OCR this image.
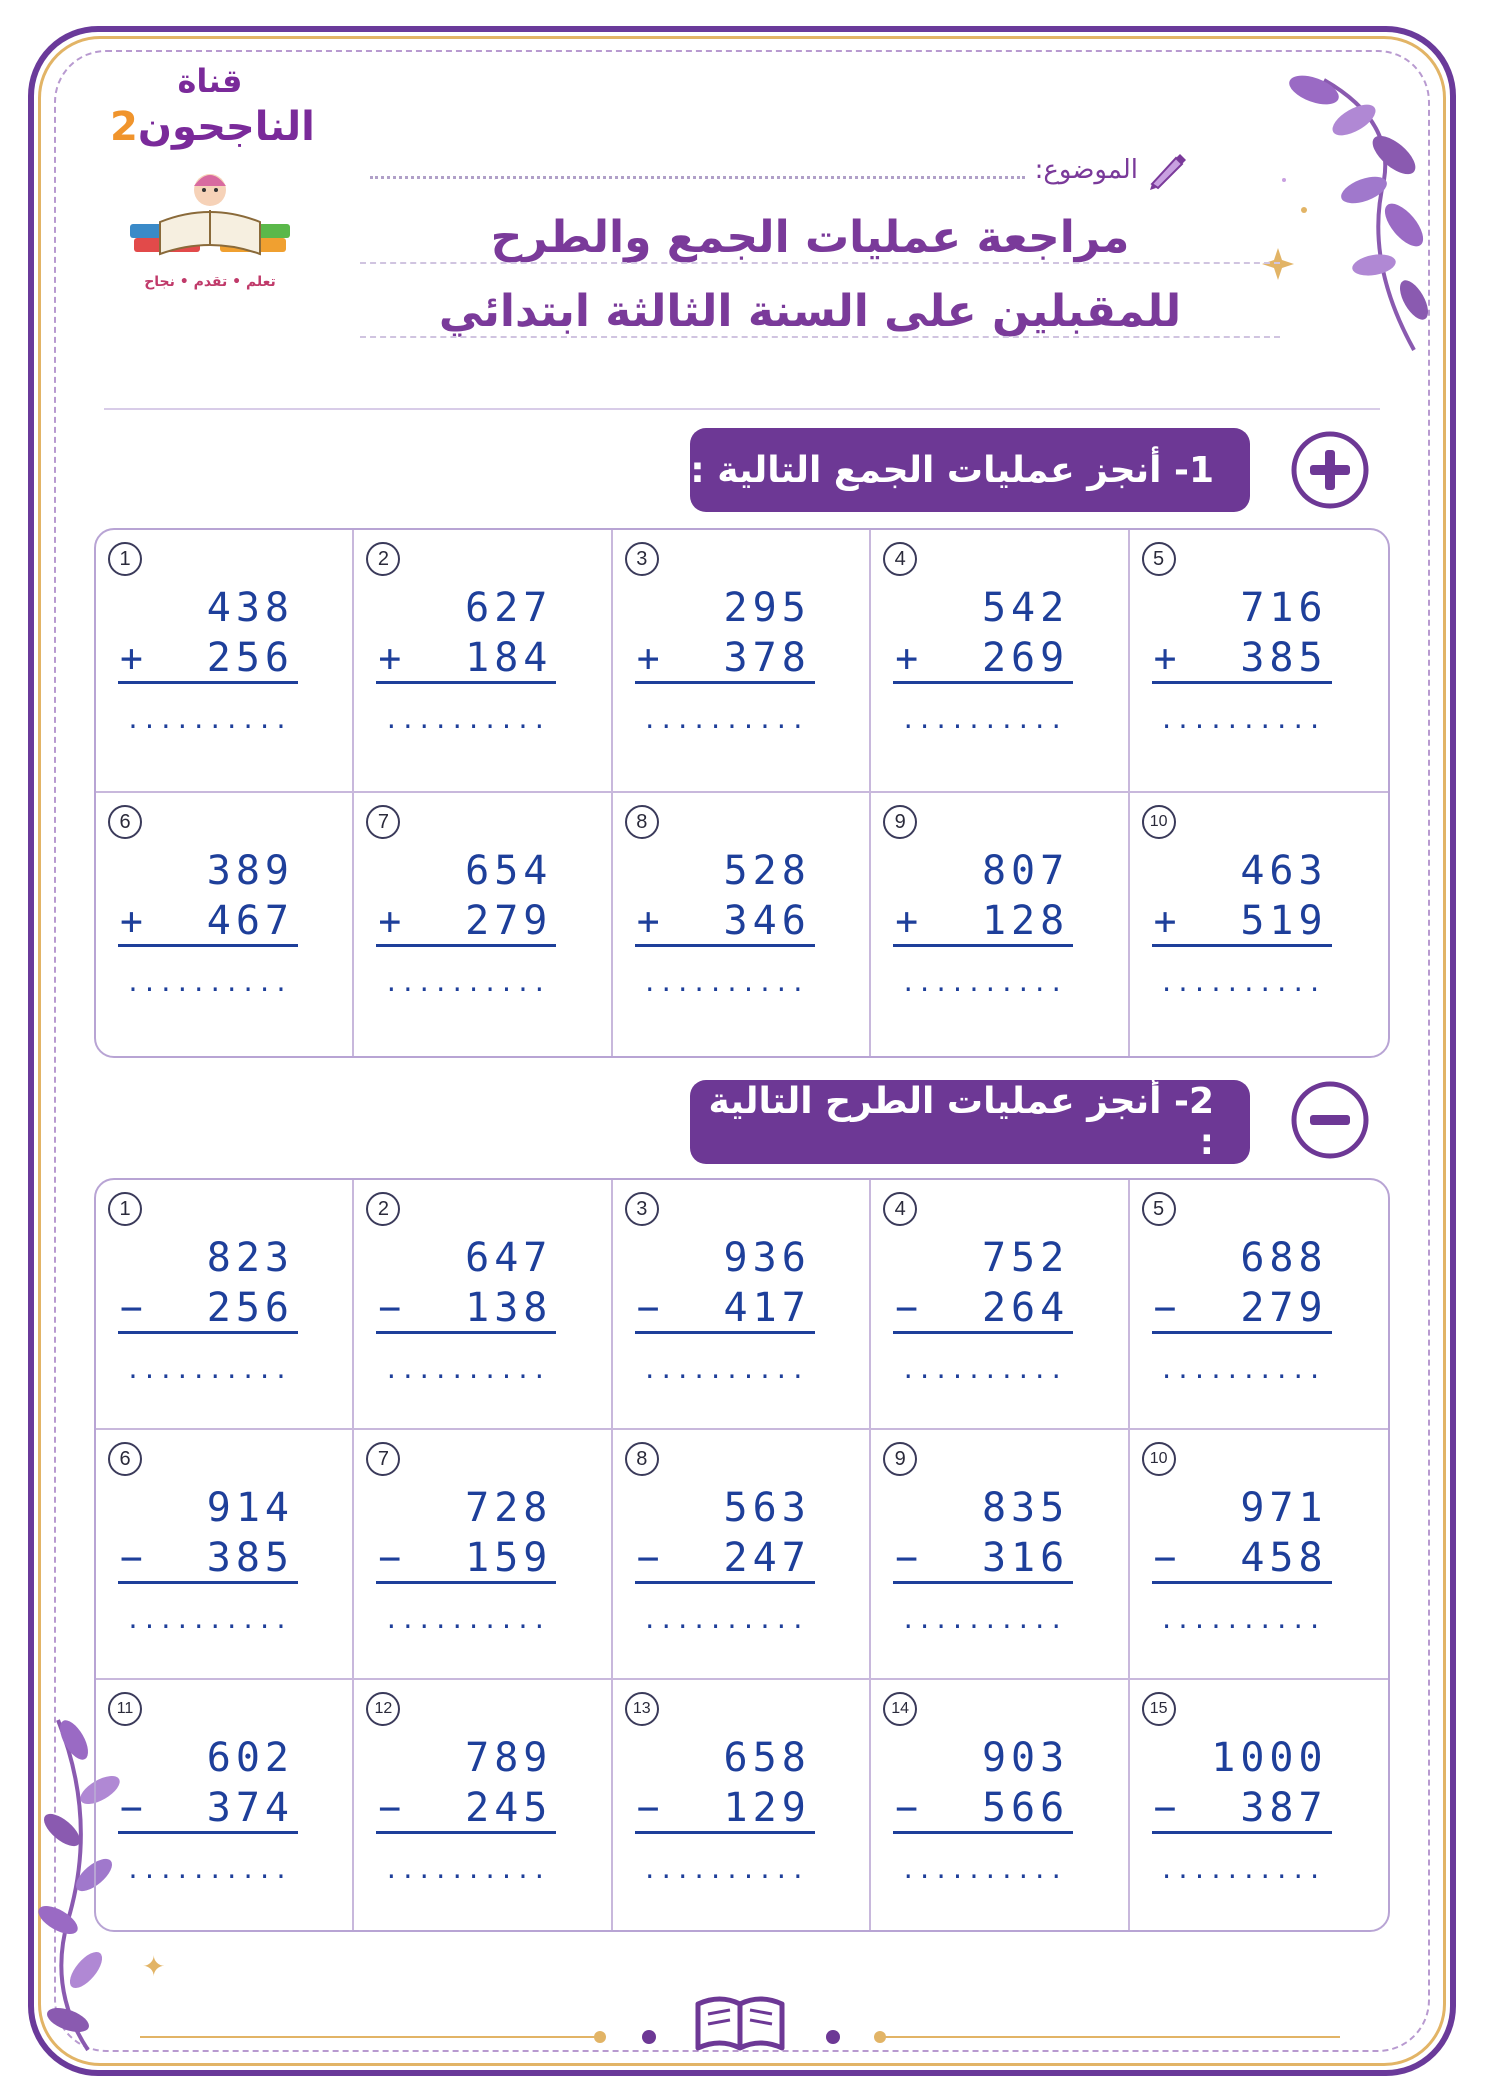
قناة
الناجحون2
تعلم • تقدم • نجاح
✦
الموضوع:
مراجعة عمليات الجمع والطرح
للمقبلين على السنة الثالثة ابتدائي
1- أنجز عمليات الجمع التالية :
1
438
+ 256
..........
2
627
+ 184
..........
3
295
+ 378
..........
4
542
+ 269
..........
5
716
+ 385
..........
6
389
+ 467
..........
7
654
+ 279
..........
8
528
+ 346
..........
9
807
+ 128
..........
10
463
+ 519
..........
2- أنجز عمليات الطرح التالية :
1
823
− 256
..........
2
647
− 138
..........
3
936
− 417
..........
4
752
− 264
..........
5
688
− 279
..........
6
914
− 385
..........
7
728
− 159
..........
8
563
− 247
..........
9
835
− 316
..........
10
971
− 458
..........
11
602
− 374
..........
12
789
− 245
..........
13
658
− 129
..........
14
903
− 566
..........
15
1000
− 387
..........
